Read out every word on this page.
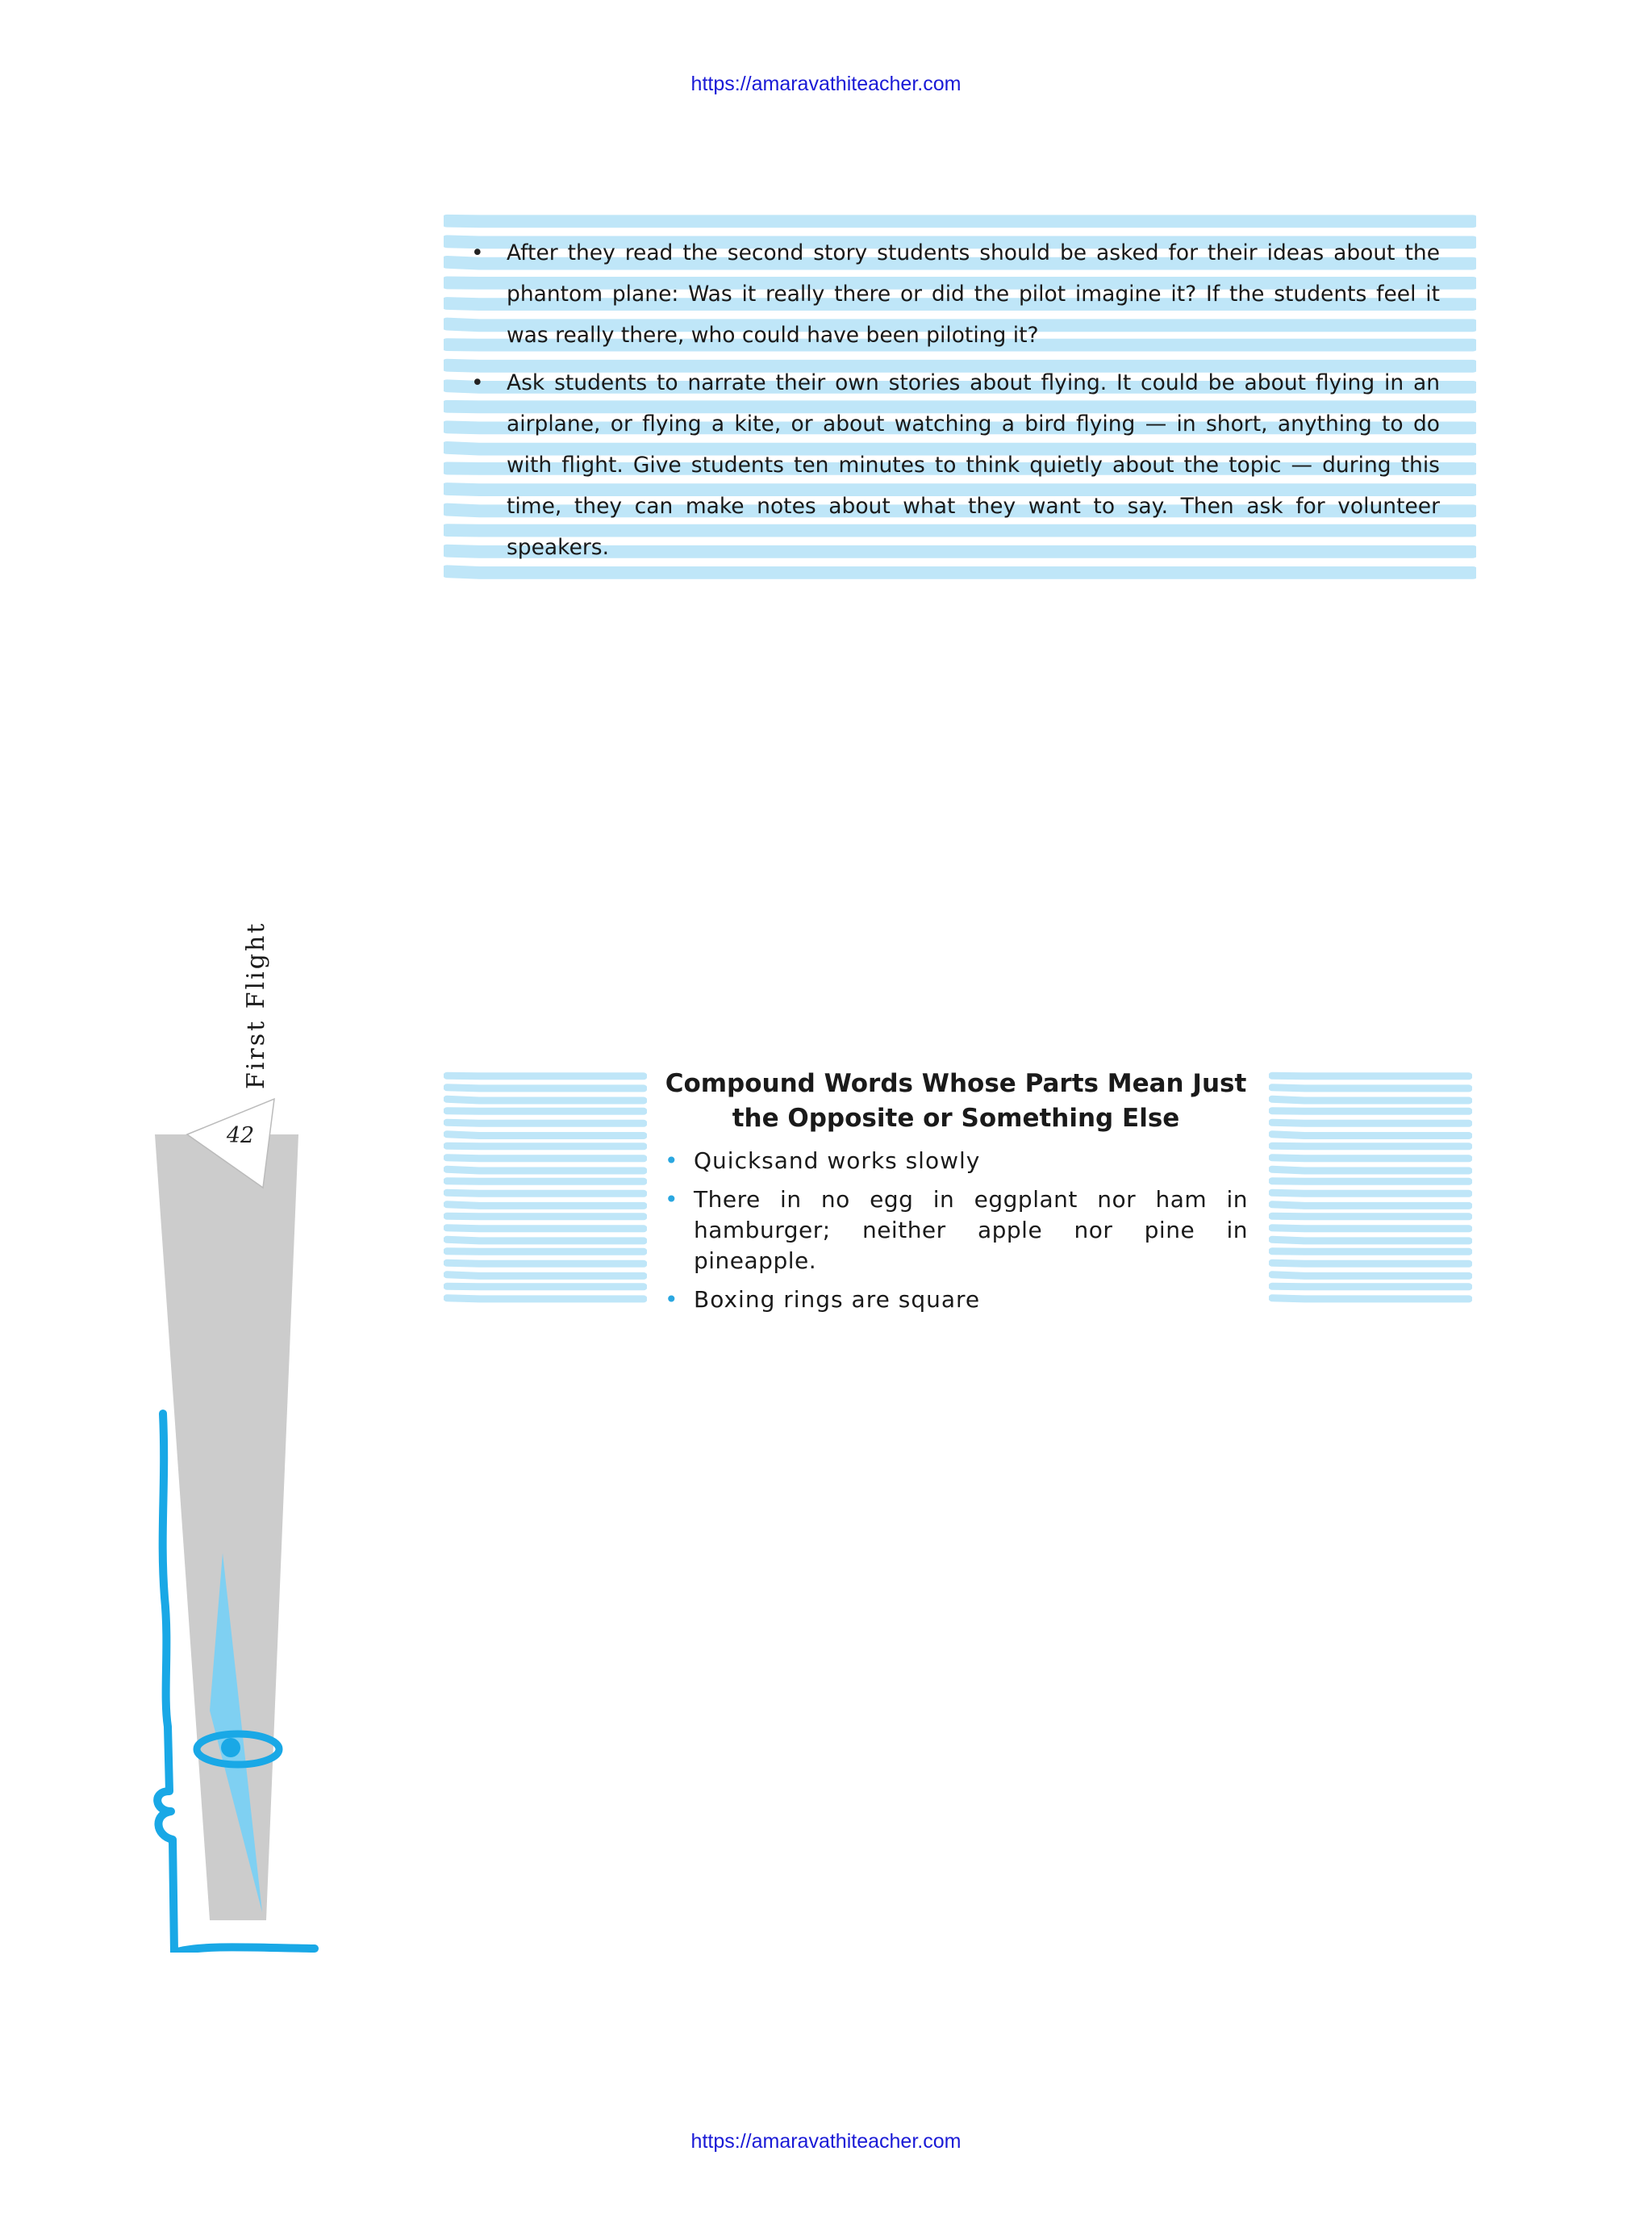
https://amaravathiteacher.com
• After they read the second story students should be asked for their ideas about the phantom plane: Was it really there or did the pilot imagine it? If the students feel it was really there, who could have been piloting it?
• Ask students to narrate their own stories about flying. It could be about flying in an airplane, or flying a kite, or about watching a bird flying — in short, anything to do with flight. Give students ten minutes to think quietly about the topic — during this time, they can make notes about what they want to say. Then ask for volunteer speakers.
First Flight
42
Compound Words Whose Parts Mean Just the Opposite or Something Else
• Quicksand works slowly
• There in no egg in eggplant nor ham in hamburger; neither apple nor pine in pineapple.
• Boxing rings are square
https://amaravathiteacher.com
